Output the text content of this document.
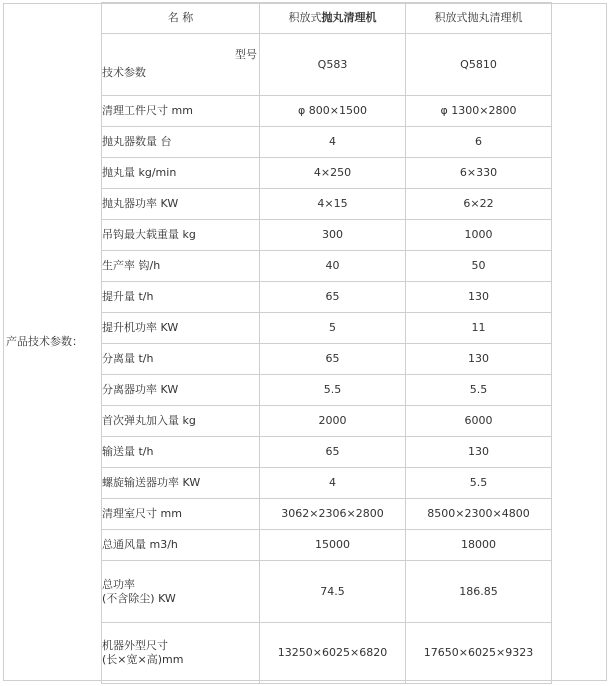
产品技术参数：
名 称	积放式抛丸清理机	积放式抛丸清理机

型号
技术参数	Q583	Q5810
清理工件尺寸 mm	φ 800×1500	φ 1300×2800
抛丸器数量 台	4	6
抛丸量 kg/min	4×250	6×330
抛丸器功率 KW	4×15	6×22
吊钩最大载重量 kg	300	1000
生产率 钩/h	40	50
提升量 t/h	65	130
提升机功率 KW	5	11
分离量 t/h	65	130
分离器功率 KW	5.5	5.5
首次弹丸加入量 kg	2000	6000
输送量 t/h	65	130
螺旋输送器功率 KW	4	5.5
清理室尺寸 mm	3062×2306×2800	8500×2300×4800
总通风量 m3/h	15000	18000

总功率
(不含除尘) KW	74.5	186.85

机器外型尺寸
(长×宽×高)mm	13250×6025×6820	17650×6025×9323
